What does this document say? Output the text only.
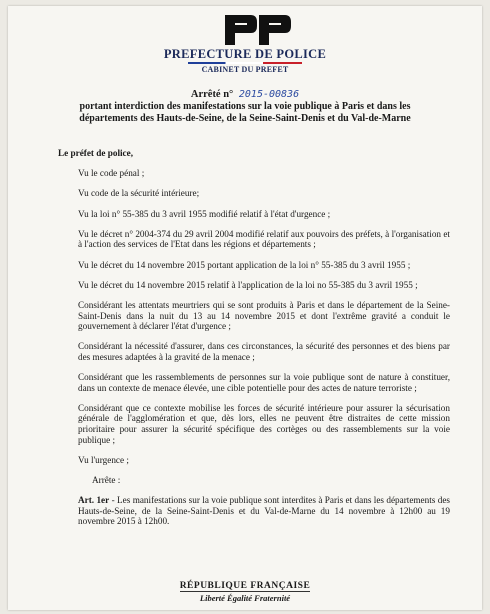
PREFECTURE DE POLICE
CABINET DU PREFET
Arrêté n° 2015-00836
portant interdiction des manifestations sur la voie publique à Paris et dans les départements des Hauts-de-Seine, de la Seine-Saint-Denis et du Val-de-Marne

Le préfet de police,

Vu le code pénal ;

Vu code de la sécurité intérieure;

Vu la loi n° 55-385 du 3 avril 1955 modifié relatif à l'état d'urgence ;

Vu le décret n° 2004-374 du 29 avril 2004 modifié relatif aux pouvoirs des préfets, à l'organisation et à l'action des services de l'Etat dans les régions et départements ;

Vu le décret du 14 novembre 2015 portant application de la loi n° 55-385 du 3 avril 1955 ;

Vu le décret du 14 novembre 2015 relatif à l'application de la loi no 55-385 du 3 avril 1955 ;

Considérant les attentats meurtriers qui se sont produits à Paris et dans le département de la Seine-Saint-Denis dans la nuit du 13 au 14 novembre 2015 et dont l'extrême gravité a conduit le gouvernement à déclarer l'état d'urgence ;

Considérant la nécessité d'assurer, dans ces circonstances, la sécurité des personnes et des biens par des mesures adaptées à la gravité de la menace ;

Considérant que les rassemblements de personnes sur la voie publique sont de nature à constituer, dans un contexte de menace élevée, une cible potentielle pour des actes de nature terroriste ;

Considérant que ce contexte mobilise les forces de sécurité intérieure pour assurer la sécurisation générale de l'agglomération et que, dès lors, elles ne peuvent être distraites de cette mission prioritaire pour assurer la sécurité spécifique des cortèges ou des rassemblements sur la voie publique ;

Vu l'urgence ;

Arrête :

Art. 1er - Les manifestations sur la voie publique sont interdites à Paris et dans les départements des Hauts-de-Seine, de la Seine-Saint-Denis et du Val-de-Marne du 14 novembre à 12h00 au 19 novembre 2015 à 12h00.

RÉPUBLIQUE FRANÇAISE
Liberté Égalité Fraternité
